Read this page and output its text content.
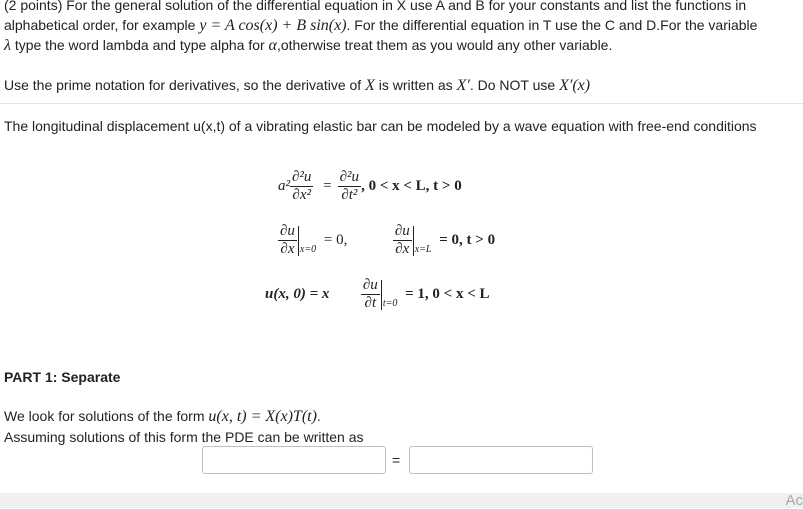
(2 points) For the general solution of the differential equation in X use A and B for your constants and list the functions in
alphabetical order, for example y = A cos(x) + B sin(x). For the differential equation in T use the C and D.For the variable
λ type the word lambda and type alpha for α,otherwise treat them as you would any other variable.
Use the prime notation for derivatives, so the derivative of X is written as X′. Do NOT use X′(x)
The longitudinal displacement u(x,t) of a vibrating elastic bar can be modeled by a wave equation with free-end conditions
$a^2 \frac{\text{∂²u}}{\text{∂x²}} = \frac{\text{∂²u}}{\text{∂t²}}$ , 0 < x < L, t > 0
$\frac{\partial u}{\partial x} _{x=0} = 0$,	$\frac{\partial u}{\partial x} _{x=L} = 0$, t > 0
u(x, 0) = x $\frac{\partial u}{\partial t} _{t=0} = 1$, 0 < x < L
PART 1: Separate
We look for solutions of the form u(x, t) = X(x)T(t).
Assuming solutions of this form the PDE can be written as
=
Ac
